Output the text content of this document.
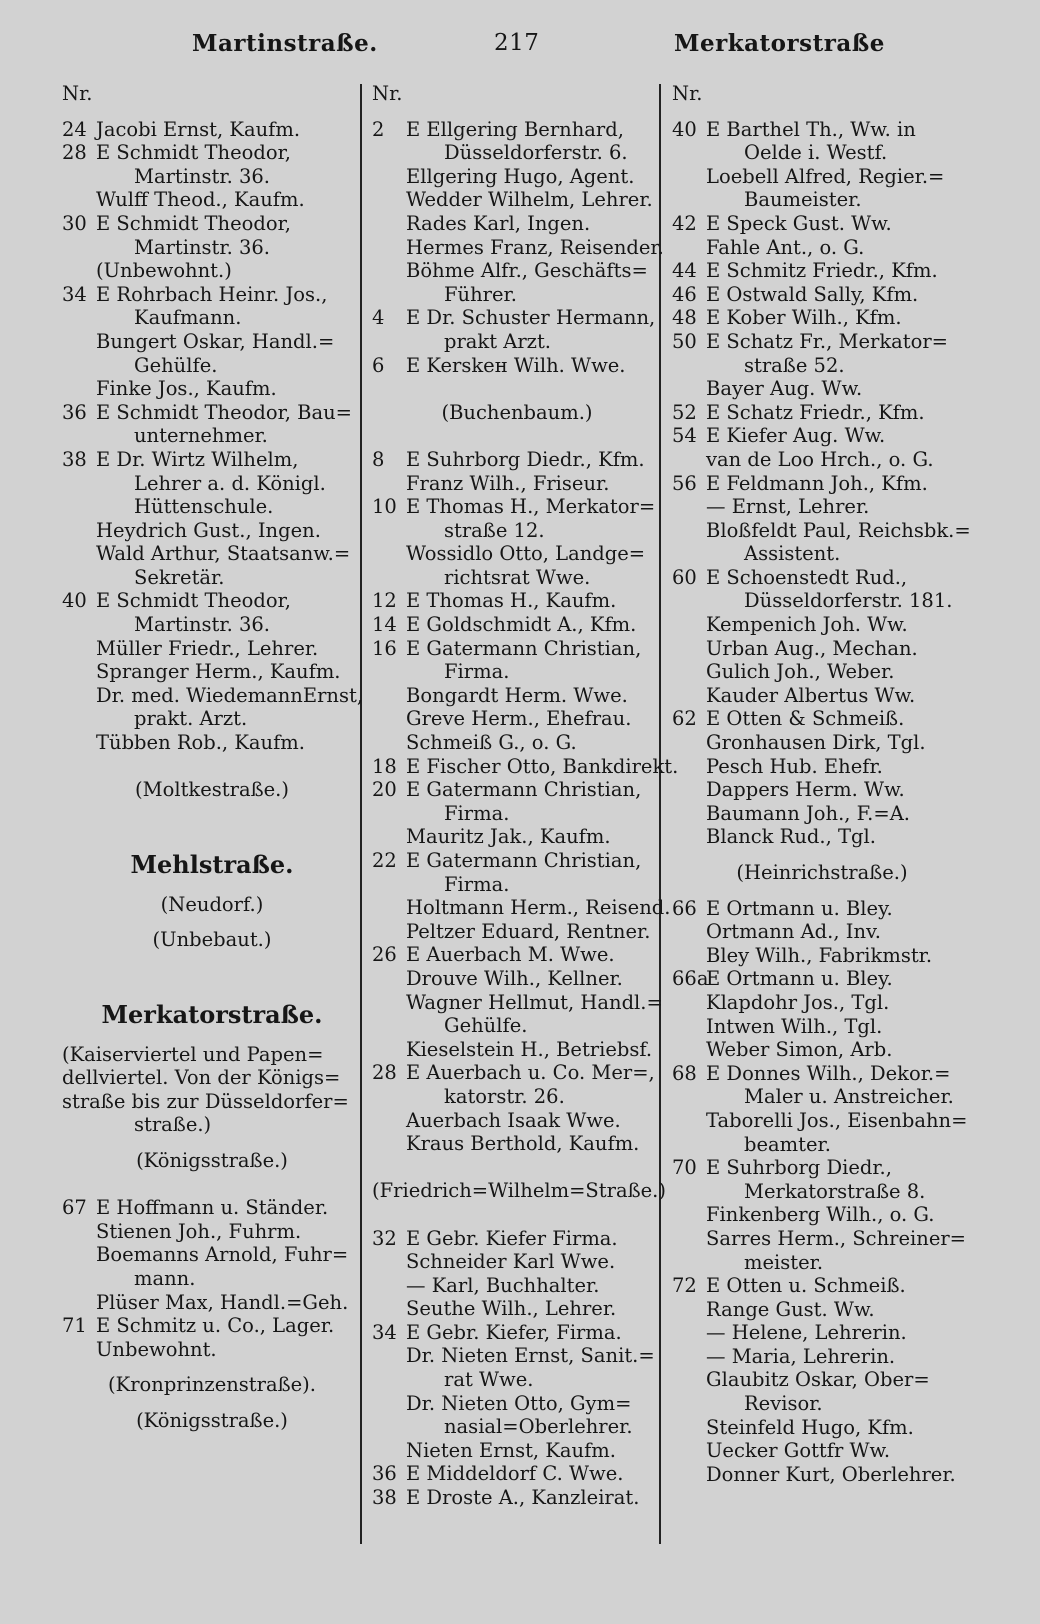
Martinstraße.	217	Merkatorstraße
Nr.
24 Jacobi Ernst, Kaufm.
28 E Schmidt Theodor,
Martinstr. 36.
Wulff Theod., Kaufm.
30 E Schmidt Theodor,
Martinstr. 36.
(Unbewohnt.)
34 E Rohrbach Heinr. Jos.,
Kaufmann.
Bungert Oskar, Handl.=
Gehülfe.
Finke Jos., Kaufm.
36 E Schmidt Theodor, Bau=
unternehmer.
38 E Dr. Wirtz Wilhelm,
Lehrer a. d. Königl.
Hüttenschule.
Heydrich Gust., Ingen.
Wald Arthur, Staatsanw.=
Sekretär.
40 E Schmidt Theodor,
Martinstr. 36.
Müller Friedr., Lehrer.
Spranger Herm., Kaufm.
Dr. med. WiedemannErnst,
prakt. Arzt.
Tübben Rob., Kaufm.
(Moltkestraße.)
Mehlstraße.
(Neudorf.)
(Unbebaut.)
Merkatorstraße.
(Kaiserviertel und Papen=
dellviertel. Von der Königs=
straße bis zur Düsseldorfer=
straße.)
(Königsstraße.)
67 E Hoffmann u. Ständer.
Stienen Joh., Fuhrm.
Boemanns Arnold, Fuhr=
mann.
Plüser Max, Handl.=Geh.
71 E Schmitz u. Co., Lager.
Unbewohnt.
(Kronprinzenstraße).
(Königsstraße.)
Nr.
2 E Ellgering Bernhard,
Düsseldorferstr. 6.
Ellgering Hugo, Agent.
Wedder Wilhelm, Lehrer.
Rades Karl, Ingen.
Hermes Franz, Reisender.
Böhme Alfr., Geschäfts=
Führer.
4 E Dr. Schuster Hermann,
prakt Arzt.
6 E Kerskeн Wilh. Wwe.
(Buchenbaum.)
8 E Suhrborg Diedr., Kfm.
Franz Wilh., Friseur.
10 E Thomas H., Merkator=
straße 12.
Wossidlo Otto, Landge=
richtsrat Wwe.
12 E Thomas H., Kaufm.
14 E Goldschmidt A., Kfm.
16 E Gatermann Christian,
Firma.
Bongardt Herm. Wwe.
Greve Herm., Ehefrau.
Schmeiß G., o. G.
18 E Fischer Otto, Bankdirekt.
20 E Gatermann Christian,
Firma.
Mauritz Jak., Kaufm.
22 E Gatermann Christian,
Firma.
Holtmann Herm., Reisend.
Peltzer Eduard, Rentner.
26 E Auerbach M. Wwe.
Drouve Wilh., Kellner.
Wagner Hellmut, Handl.=
Gehülfe.
Kieselstein H., Betriebsf.
28 E Auerbach u. Co. Mer=,
katorstr. 26.
Auerbach Isaak Wwe.
Kraus Berthold, Kaufm.
(Friedrich=Wilhelm=Straße.)
32 E Gebr. Kiefer Firma.
Schneider Karl Wwe.
— Karl, Buchhalter.
Seuthe Wilh., Lehrer.
34 E Gebr. Kiefer, Firma.
Dr. Nieten Ernst, Sanit.=
rat Wwe.
Dr. Nieten Otto, Gym=
nasial=Oberlehrer.
Nieten Ernst, Kaufm.
36 E Middeldorf C. Wwe.
38 E Droste A., Kanzleirat.
Nr.
40 E Barthel Th., Ww. in
Oelde i. Westf.
Loebell Alfred, Regier.=
Baumeister.
42 E Speck Gust. Ww.
Fahle Ant., o. G.
44 E Schmitz Friedr., Kfm.
46 E Ostwald Sally, Kfm.
48 E Kober Wilh., Kfm.
50 E Schatz Fr., Merkator=
straße 52.
Bayer Aug. Ww.
52 E Schatz Friedr., Kfm.
54 E Kiefer Aug. Ww.
van de Loo Hrch., o. G.
56 E Feldmann Joh., Kfm.
— Ernst, Lehrer.
Bloßfeldt Paul, Reichsbk.=
Assistent.
60 E Schoenstedt Rud.,
Düsseldorferstr. 181.
Kempenich Joh. Ww.
Urban Aug., Mechan.
Gulich Joh., Weber.
Kauder Albertus Ww.
62 E Otten & Schmeiß.
Gronhausen Dirk, Tgl.
Pesch Hub. Ehefr.
Dappers Herm. Ww.
Baumann Joh., F.=A.
Blanck Rud., Tgl.
(Heinrichstraße.)
66 E Ortmann u. Bley.
Ortmann Ad., Inv.
Bley Wilh., Fabrikmstr.
66aE Ortmann u. Bley.
Klapdohr Jos., Tgl.
Intwen Wilh., Tgl.
Weber Simon, Arb.
68 E Donnes Wilh., Dekor.=
Maler u. Anstreicher.
Taborelli Jos., Eisenbahn=
beamter.
70 E Suhrborg Diedr.,
Merkatorstraße 8.
Finkenberg Wilh., o. G.
Sarres Herm., Schreiner=
meister.
72 E Otten u. Schmeiß.
Range Gust. Ww.
— Helene, Lehrerin.
— Maria, Lehrerin.
Glaubitz Oskar, Ober=
Revisor.
Steinfeld Hugo, Kfm.
Uecker Gottfr Ww.
Donner Kurt, Oberlehrer.
